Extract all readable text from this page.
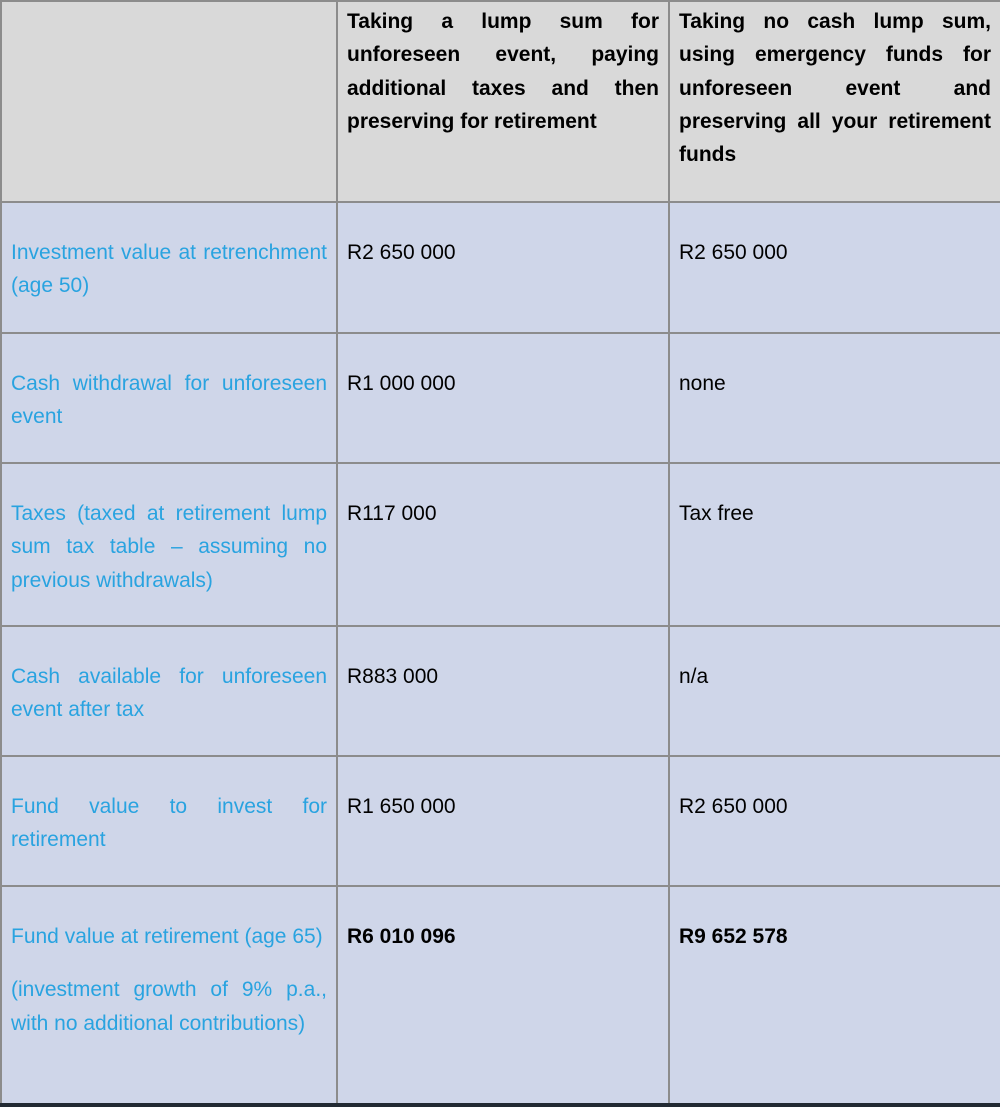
	Taking a lump sum for unforeseen event, paying additional taxes and then preserving for retirement	Taking no cash lump sum, using emergency funds for unforeseen event and preserving all your retirement funds
Investment value at retrenchment (age 50)	R2 650 000	R2 650 000
Cash withdrawal for unforeseen event	R1 000 000	none
Taxes (taxed at retirement lump sum tax table – assuming no previous withdrawals)	R117 000	Tax free
Cash available for unforeseen event after tax	R883 000	n/a
Fund value to invest for retirement	R1 650 000	R2 650 000
Fund value at retirement (age 65)
(investment growth of 9% p.a., with no additional contributions)	R6 010 096	R9 652 578
